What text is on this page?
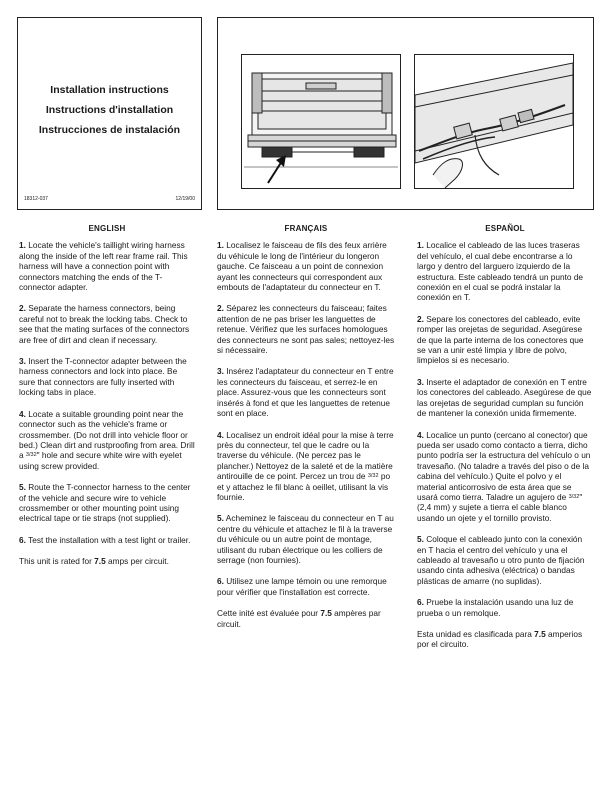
Installation instructions
Instructions d'installation
Instrucciones de instalación
18312-037	12/19/00
ENGLISH

1. Locate the vehicle's taillight wiring harness along the inside of the left rear frame rail. This harness will have a connection point with connectors matching the ends of the T-connector adapter.

2. Separate the harness connectors, being careful not to break the locking tabs. Check to see that the mating surfaces of the connectors are free of dirt and clean if necessary.

3. Insert the T-connector adapter between the harness connectors and lock into place. Be sure that connectors are fully inserted with locking tabs in place.

4. Locate a suitable grounding point near the connector such as the vehicle's frame or crossmember. (Do not drill into vehicle floor or bed.) Clean dirt and rustproofing from area. Drill a $^{3/32}$" hole and secure white wire with eyelet using screw provided.

5. Route the T-connector harness to the center of the vehicle and secure wire to vehicle crossmember or other mounting point using electrical tape or tie straps (not supplied).

6. Test the installation with a test light or trailer.

This unit is rated for 7.5 amps per circuit.

FRANÇAIS

1. Localisez le faisceau de fils des feux arrière du véhicule le long de l'intérieur du longeron gauche. Ce faisceau a un point de connexion ayant les connecteurs qui correspondent aux embouts de l'adaptateur du connecteur en T.

2. Séparez les connecteurs du faisceau; faites attention de ne pas briser les languettes de retenue. Vérifiez que les surfaces homologues des connecteurs ne sont pas sales; nettoyez-les si nécessaire.

3. Insérez l'adaptateur du connecteur en T entre les connecteurs du faisceau, et serrez-le en place. Assurez-vous que les connecteurs sont insérés à fond et que les languettes de retenue sont en place.

4. Localisez un endroit idéal pour la mise à terre près du connecteur, tel que le cadre ou la traverse du véhicule. (Ne percez pas le plancher.) Nettoyez de la saleté et de la matière antirouille de ce point. Percez un trou de $^{3/32}$ po et y attachez le fil blanc à oeillet, utilisant la vis fournie.

5. Acheminez le faisceau du connecteur en T au centre du véhicule et attachez le fil à la traverse du véhicule ou un autre point de montage, utilisant du ruban électrique ou les colliers de serrage (non fournies).

6. Utilisez une lampe témoin ou une remorque pour vérifier que l'installation est correcte.

Cette inité est évaluée pour 7.5 ampères par circuit.

ESPAÑOL

1. Localice el cableado de las luces traseras del vehículo, el cual debe encontrarse a lo largo y dentro del larguero izquierdo de la estructura. Este cableado tendrá un punto de conexión en el cual se podrá instalar la conexión en T.

2. Separe los conectores del cableado, evite romper las orejetas de seguridad. Asegúrese de que la parte interna de los conectores que se van a unir esté limpia y libre de polvo, limpielos si es necesario.

3. Inserte el adaptador de conexión en T entre los conectores del cableado. Asegúrese de que las orejetas de seguridad cumplan su función de mantener la conexión unida firmemente.

4. Localice un punto (cercano al conector) que pueda ser usado como contacto a tierra, dicho punto podría ser la estructura del vehículo o un travesaño. (No taladre a través del piso o de la cabina del vehículo.) Quite el polvo y el material anticorrosivo de esta área que se usará como tierra. Taladre un agujero de $^{3/32}$" (2,4 mm) y sujete a tierra el cable blanco usando un ojete y el tornillo provisto.

5. Coloque el cableado junto con la conexión en T hacia el centro del vehículo y una el cableado al travesaño u otro punto de fijación usando cinta adhesiva (eléctrica) o bandas plásticas de amarre (no suplidas).

6. Pruebe la instalación usando una luz de prueba o un remolque.

Esta unidad es clasificada para 7.5 amperios por el circuito.
